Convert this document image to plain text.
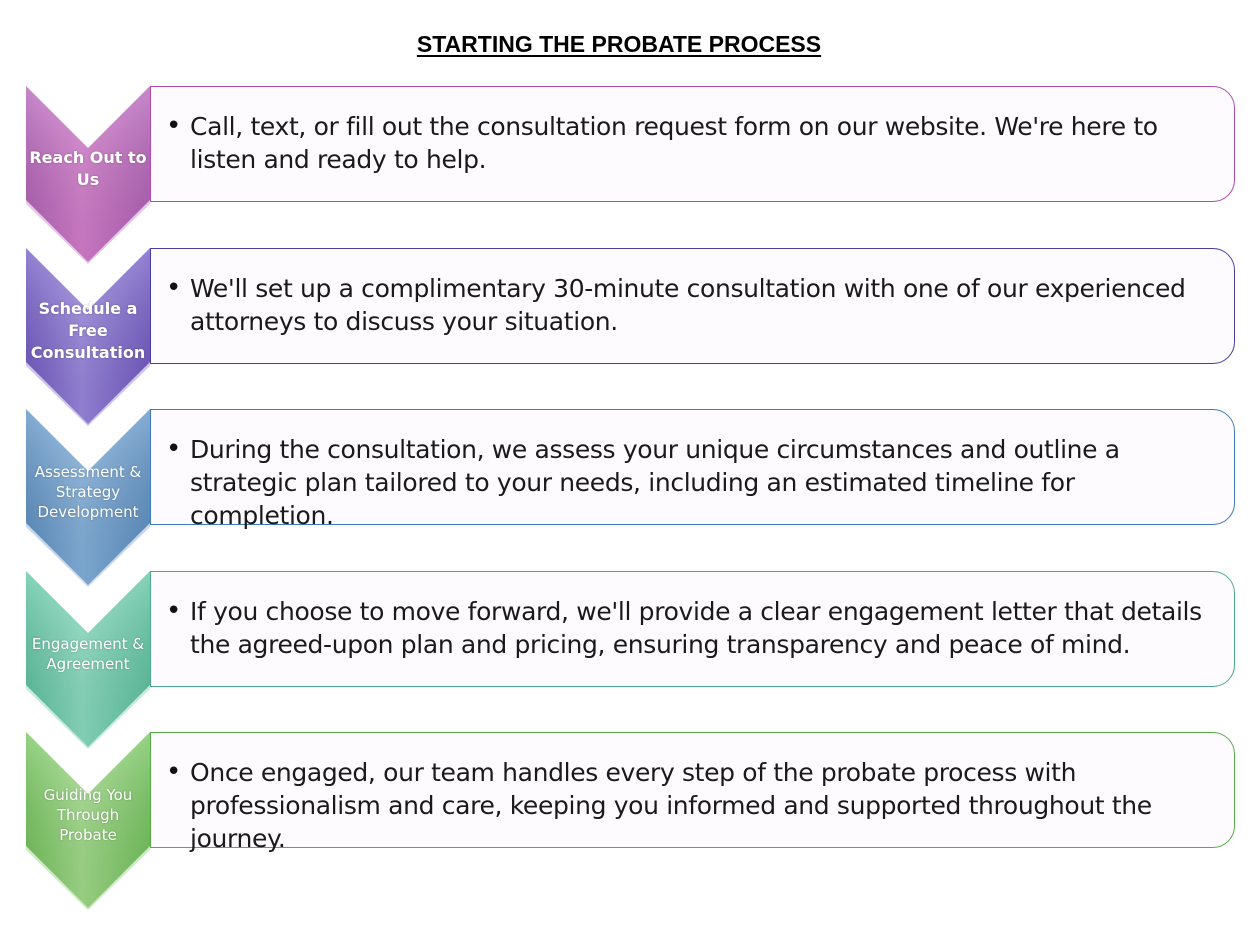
STARTING THE PROBATE PROCESS
Reach Out to Us
• Call, text, or fill out the consultation request form on our website. We're here to listen and ready to help.
Schedule a Free Consultation
• We'll set up a complimentary 30-minute consultation with one of our experienced attorneys to discuss your situation.
Assessment & Strategy Development
• During the consultation, we assess your unique circumstances and outline a strategic plan tailored to your needs, including an estimated timeline for completion.
Engagement & Agreement
• If you choose to move forward, we'll provide a clear engagement letter that details the agreed-upon plan and pricing, ensuring transparency and peace of mind.
Guiding You Through Probate
• Once engaged, our team handles every step of the probate process with professionalism and care, keeping you informed and supported throughout the journey.
